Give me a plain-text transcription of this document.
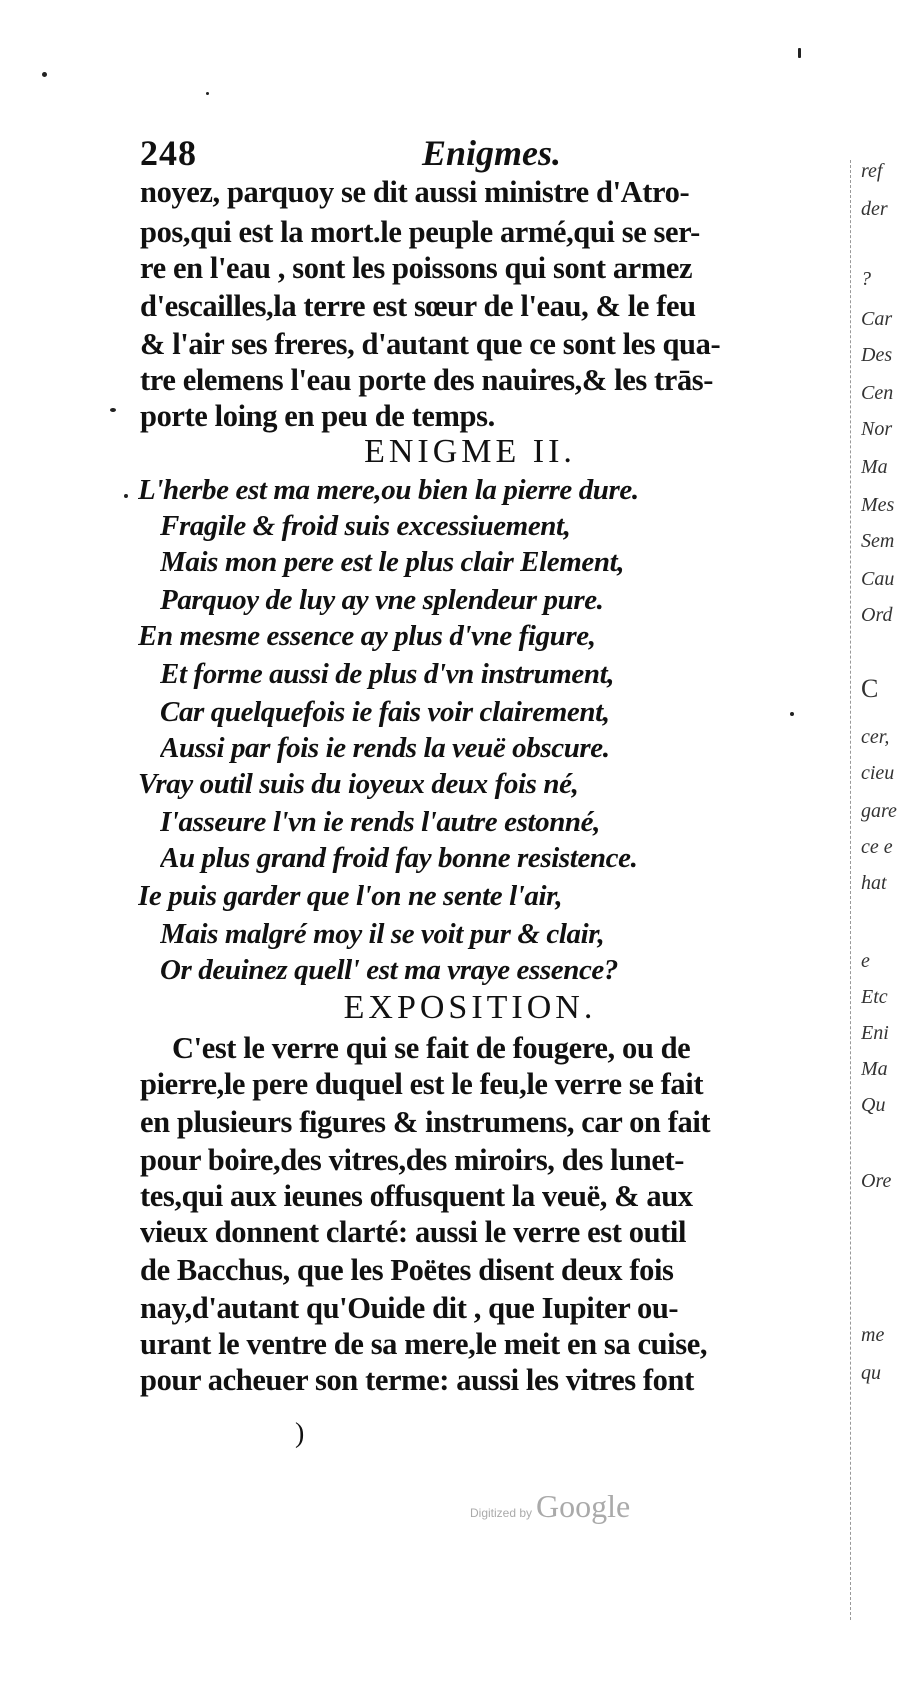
248	Enigmes.
noyez, parquoy se dit aussi ministre d'Atro-
pos,qui est la mort.le peuple armé,qui se ser-
re en l'eau , sont les poissons qui sont armez
d'escailles,la terre est sœur de l'eau, & le feu
& l'air ses freres, d'autant que ce sont les qua-
tre elemens l'eau porte des nauires,& les trās-
porte loing en peu de temps.
ENIGME II.
L'herbe est ma mere,ou bien la pierre dure.
Fragile & froid suis excessiuement,
Mais mon pere est le plus clair Element,
Parquoy de luy ay vne splendeur pure.
En mesme essence ay plus d'vne figure,
Et forme aussi de plus d'vn instrument,
Car quelquefois ie fais voir clairement,
Aussi par fois ie rends la veuë obscure.
Vray outil suis du ioyeux deux fois né,
I'asseure l'vn ie rends l'autre estonné,
Au plus grand froid fay bonne resistence.
Ie puis garder que l'on ne sente l'air,
Mais malgré moy il se voit pur & clair,
Or deuinez quell' est ma vraye essence?
EXPOSITION.
C'est le verre qui se fait de fougere, ou de
pierre,le pere duquel est le feu,le verre se fait
en plusieurs figures & instrumens, car on fait
pour boire,des vitres,des miroirs, des lunet-
tes,qui aux ieunes offusquent la veuë, & aux
vieux donnent clarté: aussi le verre est outil
de Bacchus, que les Poëtes disent deux fois
nay,d'autant qu'Ouide dit , que Iupiter ou-
urant le ventre de sa mere,le meit en sa cuise,
pour acheuer son terme: aussi les vitres font
)
ref
der
?
Car
Des
Cen
Nor
Ma
Mes
Sem
Cau
Ord
C
cer,
cieu
gare
ce e
hat
e
Etc
Eni
Ma
Qu
Ore
me
qu
Digitized by Google
